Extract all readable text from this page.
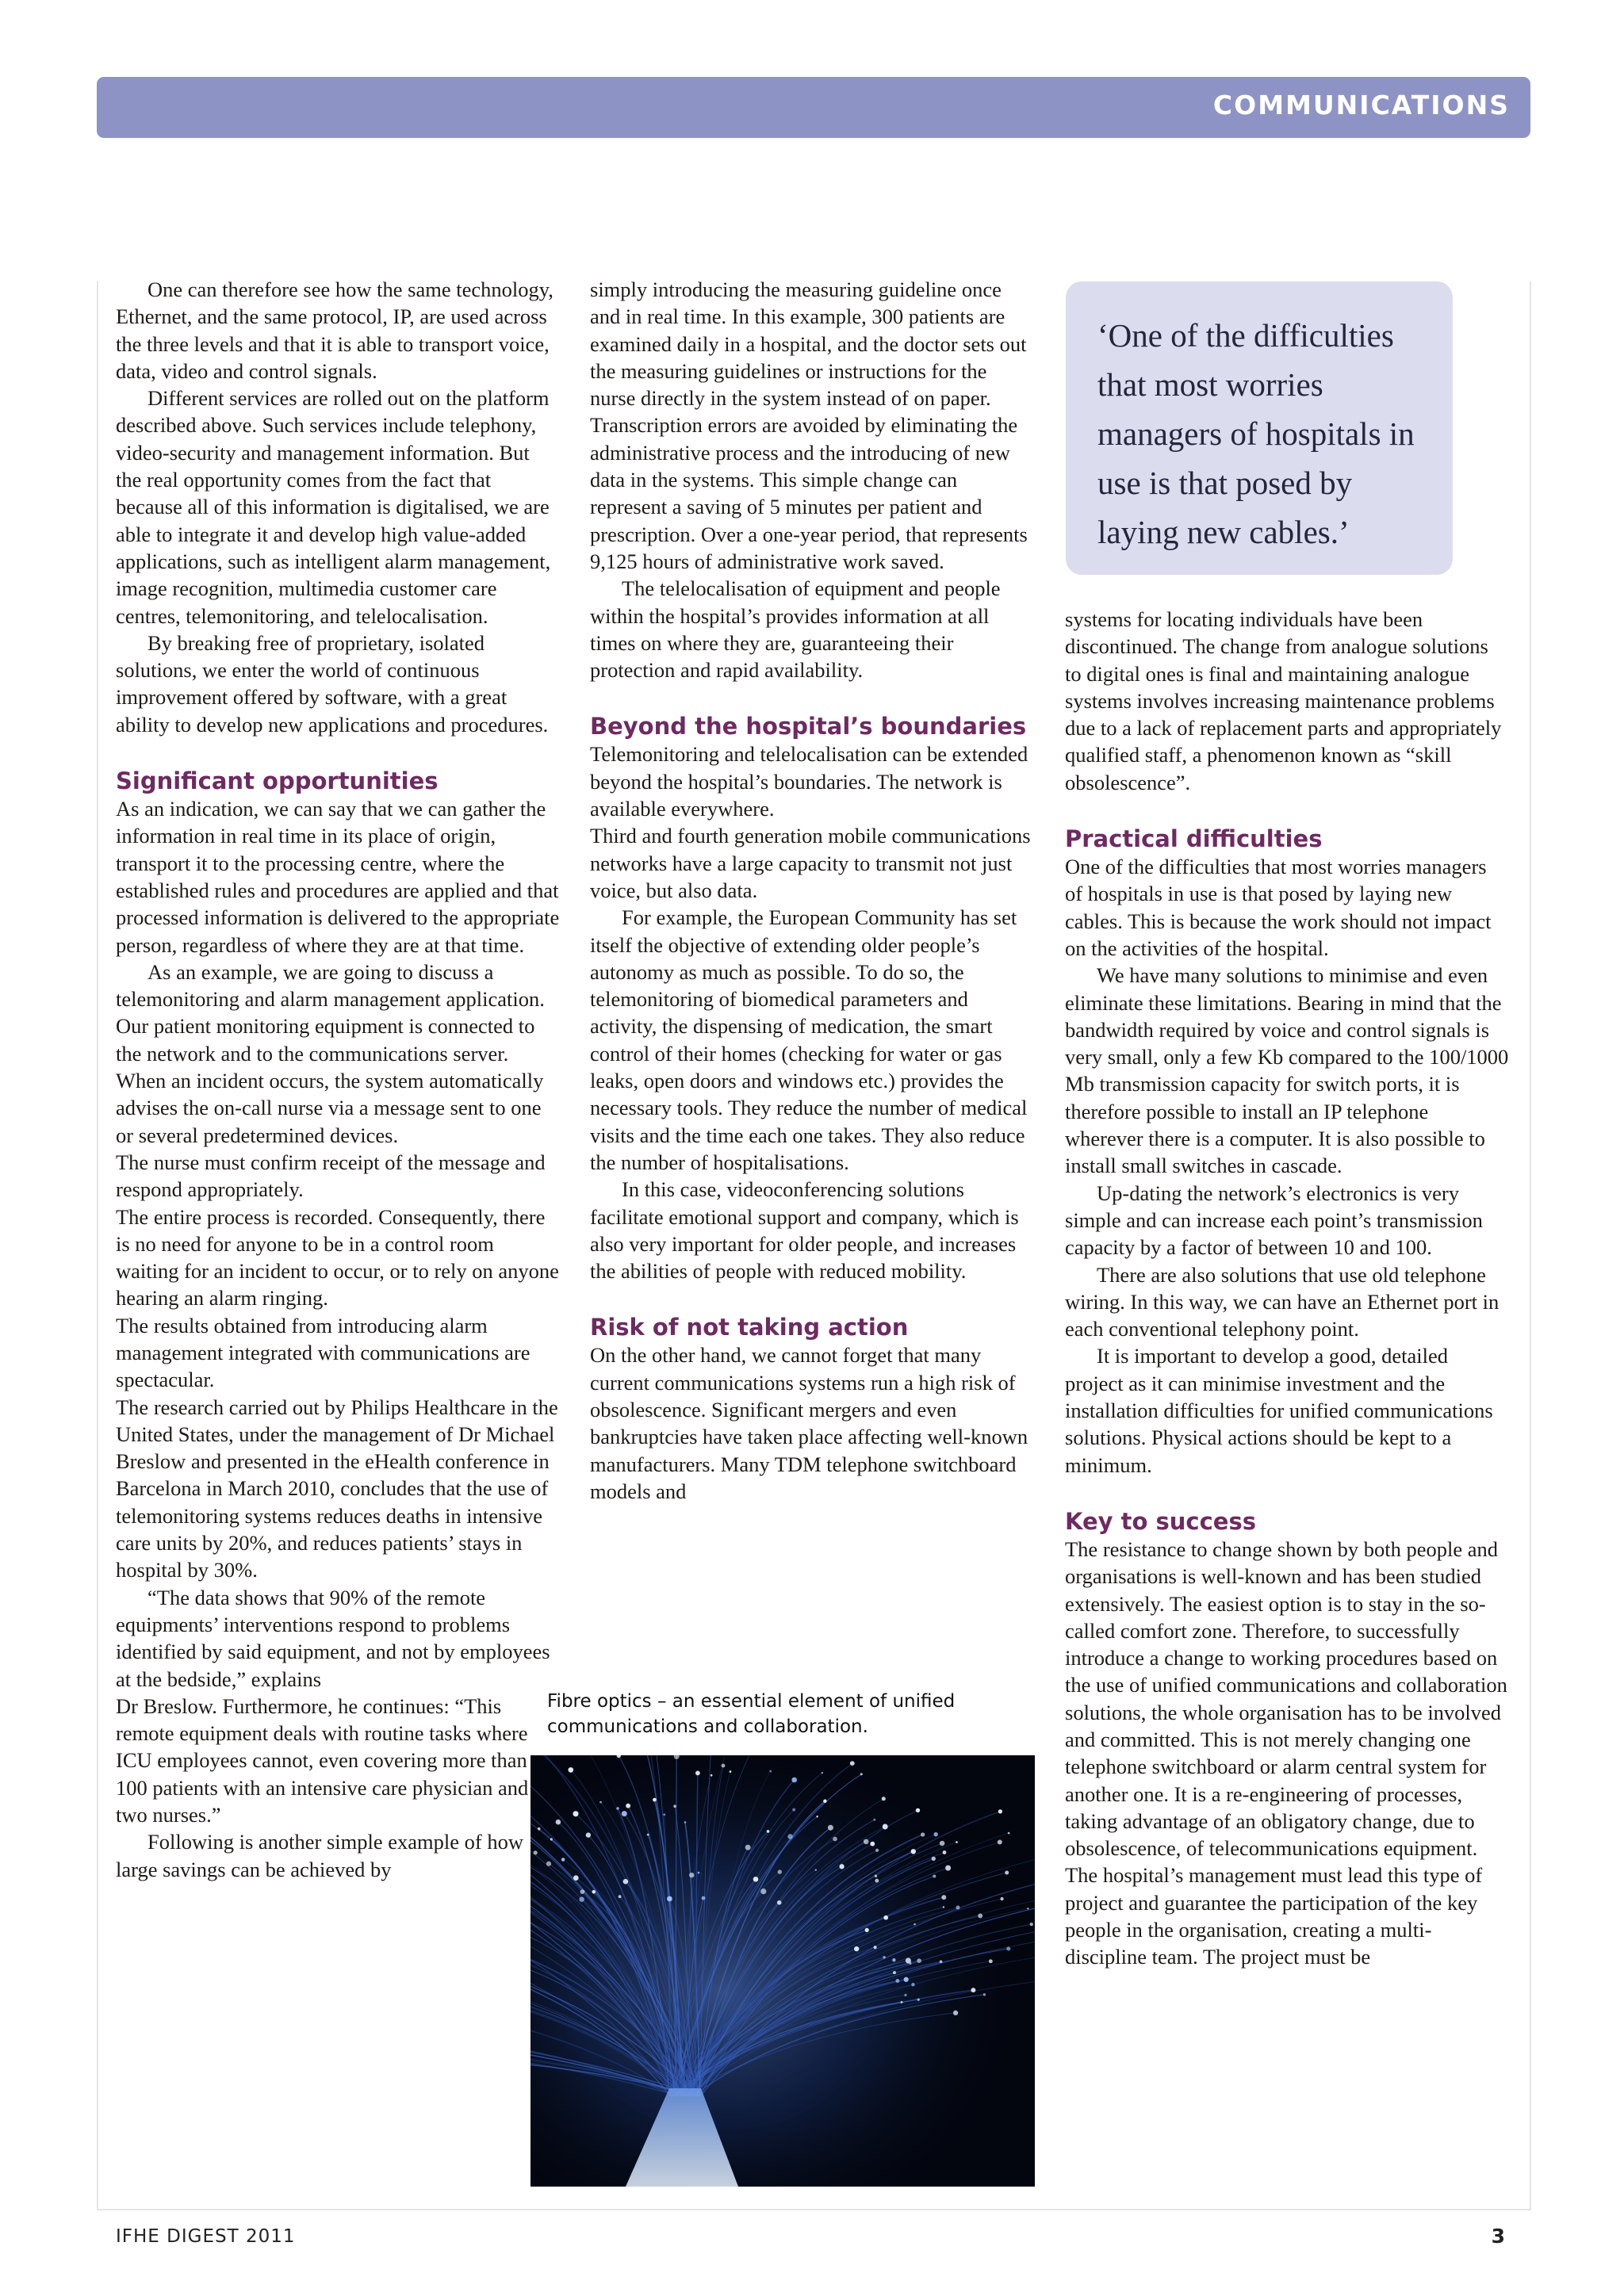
COMMUNICATIONS

One can therefore see how the same technology, Ethernet, and the same protocol, IP, are used across the three levels and that it is able to transport voice, data, video and control signals.

Different services are rolled out on the platform described above. Such services include telephony, video-security and management information. But the real opportunity comes from the fact that because all of this information is digitalised, we are able to integrate it and develop high value-added applications, such as intelligent alarm management, image recognition, multimedia customer care centres, telemonitoring, and telelocalisation.

By breaking free of proprietary, isolated solutions, we enter the world of continuous improvement offered by software, with a great ability to develop new applications and procedures.

Significant opportunities

As an indication, we can say that we can gather the information in real time in its place of origin, transport it to the processing centre, where the established rules and procedures are applied and that processed information is delivered to the appropriate person, regardless of where they are at that time.

As an example, we are going to discuss a telemonitoring and alarm management application. Our patient monitoring equipment is connected to the network and to the communications server. When an incident occurs, the system automatically advises the on-call nurse via a message sent to one or several predetermined devices.

The nurse must confirm receipt of the message and respond appropriately.

The entire process is recorded. Consequently, there is no need for anyone to be in a control room waiting for an incident to occur, or to rely on anyone hearing an alarm ringing.

The results obtained from introducing alarm management integrated with communications are spectacular.

The research carried out by Philips Healthcare in the United States, under the management of Dr Michael Breslow and presented in the eHealth conference in Barcelona in March 2010, concludes that the use of telemonitoring systems reduces deaths in intensive care units by 20%, and reduces patients’ stays in hospital by 30%.

“The data shows that 90% of the remote equipments’ interventions respond to problems identified by said equipment, and not by employees at the bedside,” explains

Dr Breslow. Furthermore, he continues: “This remote equipment deals with routine tasks where ICU employees cannot, even covering more than 100 patients with an intensive care physician and two nurses.”

Following is another simple example of how large savings can be achieved by

simply introducing the measuring guideline once and in real time. In this example, 300 patients are examined daily in a hospital, and the doctor sets out the measuring guidelines or instructions for the nurse directly in the system instead of on paper. Transcription errors are avoided by eliminating the administrative process and the introducing of new data in the systems. This simple change can represent a saving of 5 minutes per patient and prescription. Over a one-year period, that represents 9,125 hours of administrative work saved.

The telelocalisation of equipment and people within the hospital’s provides information at all times on where they are, guaranteeing their protection and rapid availability.

Beyond the hospital’s boundaries

Telemonitoring and telelocalisation can be extended beyond the hospital’s boundaries. The network is available everywhere.

Third and fourth generation mobile communications networks have a large capacity to transmit not just voice, but also data.

For example, the European Community has set itself the objective of extending older people’s autonomy as much as possible. To do so, the telemonitoring of biomedical parameters and activity, the dispensing of medication, the smart control of their homes (checking for water or gas leaks, open doors and windows etc.) provides the necessary tools. They reduce the number of medical visits and the time each one takes. They also reduce the number of hospitalisations.

In this case, videoconferencing solutions facilitate emotional support and company, which is also very important for older people, and increases the abilities of people with reduced mobility.

Risk of not taking action

On the other hand, we cannot forget that many current communications systems run a high risk of obsolescence. Significant mergers and even bankruptcies have taken place affecting well-known manufacturers. Many TDM telephone switchboard models and

‘One of the difficulties that most worries managers of hospitals in use is that posed by laying new cables.’
Fibre optics – an essential element of unified communications and collaboration.

systems for locating individuals have been discontinued. The change from analogue solutions to digital ones is final and maintaining analogue systems involves increasing maintenance problems due to a lack of replacement parts and appropriately qualified staff, a phenomenon known as “skill obsolescence”.

Practical difficulties

One of the difficulties that most worries managers of hospitals in use is that posed by laying new cables. This is because the work should not impact on the activities of the hospital.

We have many solutions to minimise and even eliminate these limitations. Bearing in mind that the bandwidth required by voice and control signals is very small, only a few Kb compared to the 100/1000 Mb transmission capacity for switch ports, it is therefore possible to install an IP telephone wherever there is a computer. It is also possible to install small switches in cascade.

Up-dating the network’s electronics is very simple and can increase each point’s transmission capacity by a factor of between 10 and 100.

There are also solutions that use old telephone wiring. In this way, we can have an Ethernet port in each conventional telephony point.

It is important to develop a good, detailed project as it can minimise investment and the installation difficulties for unified communications solutions. Physical actions should be kept to a minimum.

Key to success

The resistance to change shown by both people and organisations is well-known and has been studied extensively. The easiest option is to stay in the so-called comfort zone. Therefore, to successfully introduce a change to working procedures based on the use of unified communications and collaboration solutions, the whole organisation has to be involved and committed. This is not merely changing one telephone switchboard or alarm central system for another one. It is a re-engineering of processes, taking advantage of an obligatory change, due to obsolescence, of telecommunications equipment. The hospital’s management must lead this type of project and guarantee the participation of the key people in the organisation, creating a multi-discipline team. The project must be

IFHE DIGEST 2011	3
